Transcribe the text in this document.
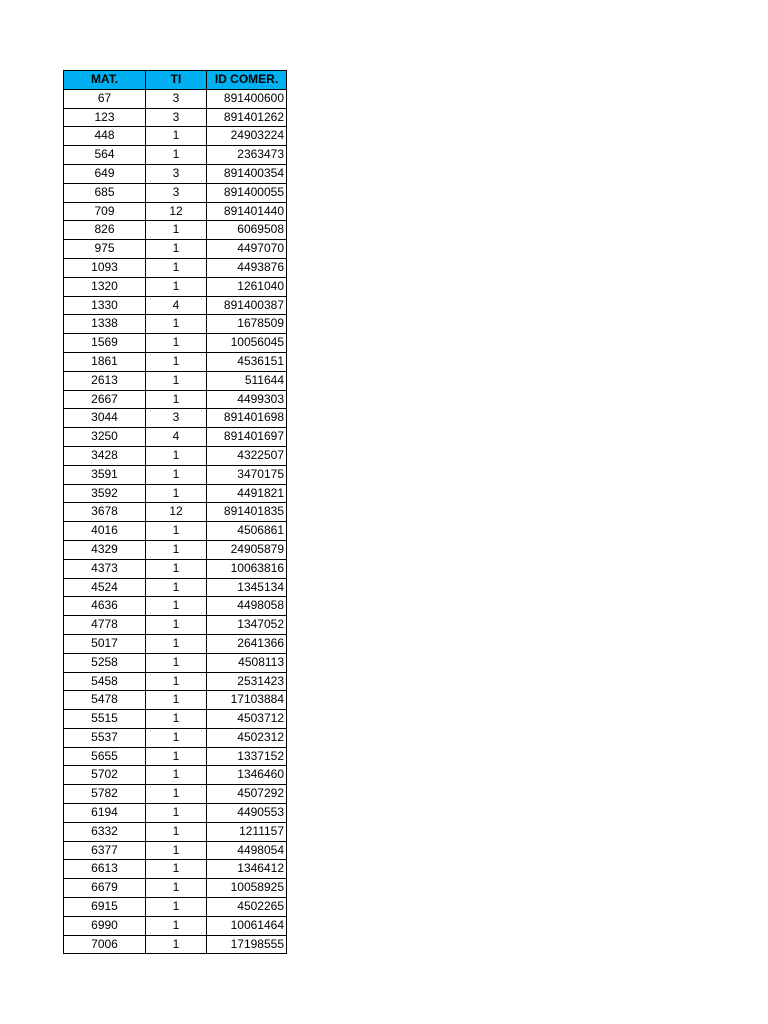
MAT.	TI	ID COMER.
67	3	891400600
123	3	891401262
448	1	24903224
564	1	2363473
649	3	891400354
685	3	891400055
709	12	891401440
826	1	6069508
975	1	4497070
1093	1	4493876
1320	1	1261040
1330	4	891400387
1338	1	1678509
1569	1	10056045
1861	1	4536151
2613	1	511644
2667	1	4499303
3044	3	891401698
3250	4	891401697
3428	1	4322507
3591	1	3470175
3592	1	4491821
3678	12	891401835
4016	1	4506861
4329	1	24905879
4373	1	10063816
4524	1	1345134
4636	1	4498058
4778	1	1347052
5017	1	2641366
5258	1	4508113
5458	1	2531423
5478	1	17103884
5515	1	4503712
5537	1	4502312
5655	1	1337152
5702	1	1346460
5782	1	4507292
6194	1	4490553
6332	1	1211157
6377	1	4498054
6613	1	1346412
6679	1	10058925
6915	1	4502265
6990	1	10061464
7006	1	17198555
